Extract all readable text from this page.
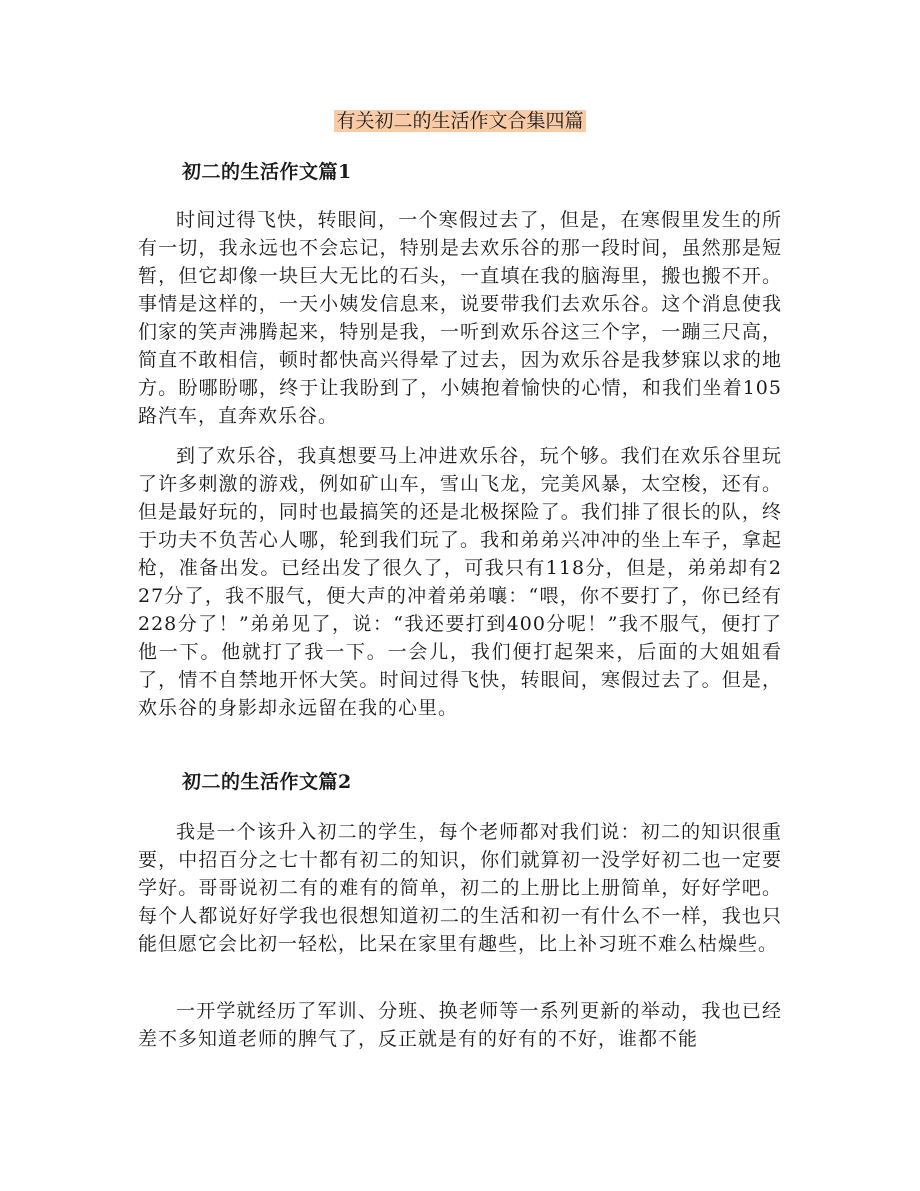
有关初二的生活作文合集四篇
初二的生活作文篇1

时间过得飞快，转眼间，一个寒假过去了，但是，在寒假里发生的所有一切，我永远也不会忘记，特别是去欢乐谷的那一段时间，虽然那是短暂，但它却像一块巨大无比的石头，一直填在我的脑海里，搬也搬不开。事情是这样的，一天小姨发信息来，说要带我们去欢乐谷。这个消息使我们家的笑声沸腾起来，特别是我，一听到欢乐谷这三个字，一蹦三尺高，简直不敢相信，顿时都快高兴得晕了过去，因为欢乐谷是我梦寐以求的地方。盼哪盼哪，终于让我盼到了，小姨抱着愉快的心情，和我们坐着105路汽车，直奔欢乐谷。

到了欢乐谷，我真想要马上冲进欢乐谷，玩个够。我们在欢乐谷里玩了许多刺激的游戏，例如矿山车，雪山飞龙，完美风暴，太空梭，还有。但是最好玩的，同时也最搞笑的还是北极探险了。我们排了很长的队，终于功夫不负苦心人哪，轮到我们玩了。我和弟弟兴冲冲的坐上车子，拿起枪，准备出发。已经出发了很久了，可我只有118分，但是，弟弟却有227分了，我不服气，便大声的冲着弟弟嚷：“喂，你不要打了，你已经有228分了！”弟弟见了，说：“我还要打到400分呢！”我不服气，便打了他一下。他就打了我一下。一会儿，我们便打起架来，后面的大姐姐看了，情不自禁地开怀大笑。时间过得飞快，转眼间，寒假过去了。但是，欢乐谷的身影却永远留在我的心里。

初二的生活作文篇2

我是一个该升入初二的学生，每个老师都对我们说：初二的知识很重要，中招百分之七十都有初二的知识，你们就算初一没学好初二也一定要学好。哥哥说初二有的难有的简单，初二的上册比上册简单，好好学吧。每个人都说好好学我也很想知道初二的生活和初一有什么不一样，我也只能但愿它会比初一轻松，比呆在家里有趣些，比上补习班不难么枯燥些。

一开学就经历了军训、分班、换老师等一系列更新的举动，我也已经差不多知道老师的脾气了，反正就是有的好有的不好，谁都不能
